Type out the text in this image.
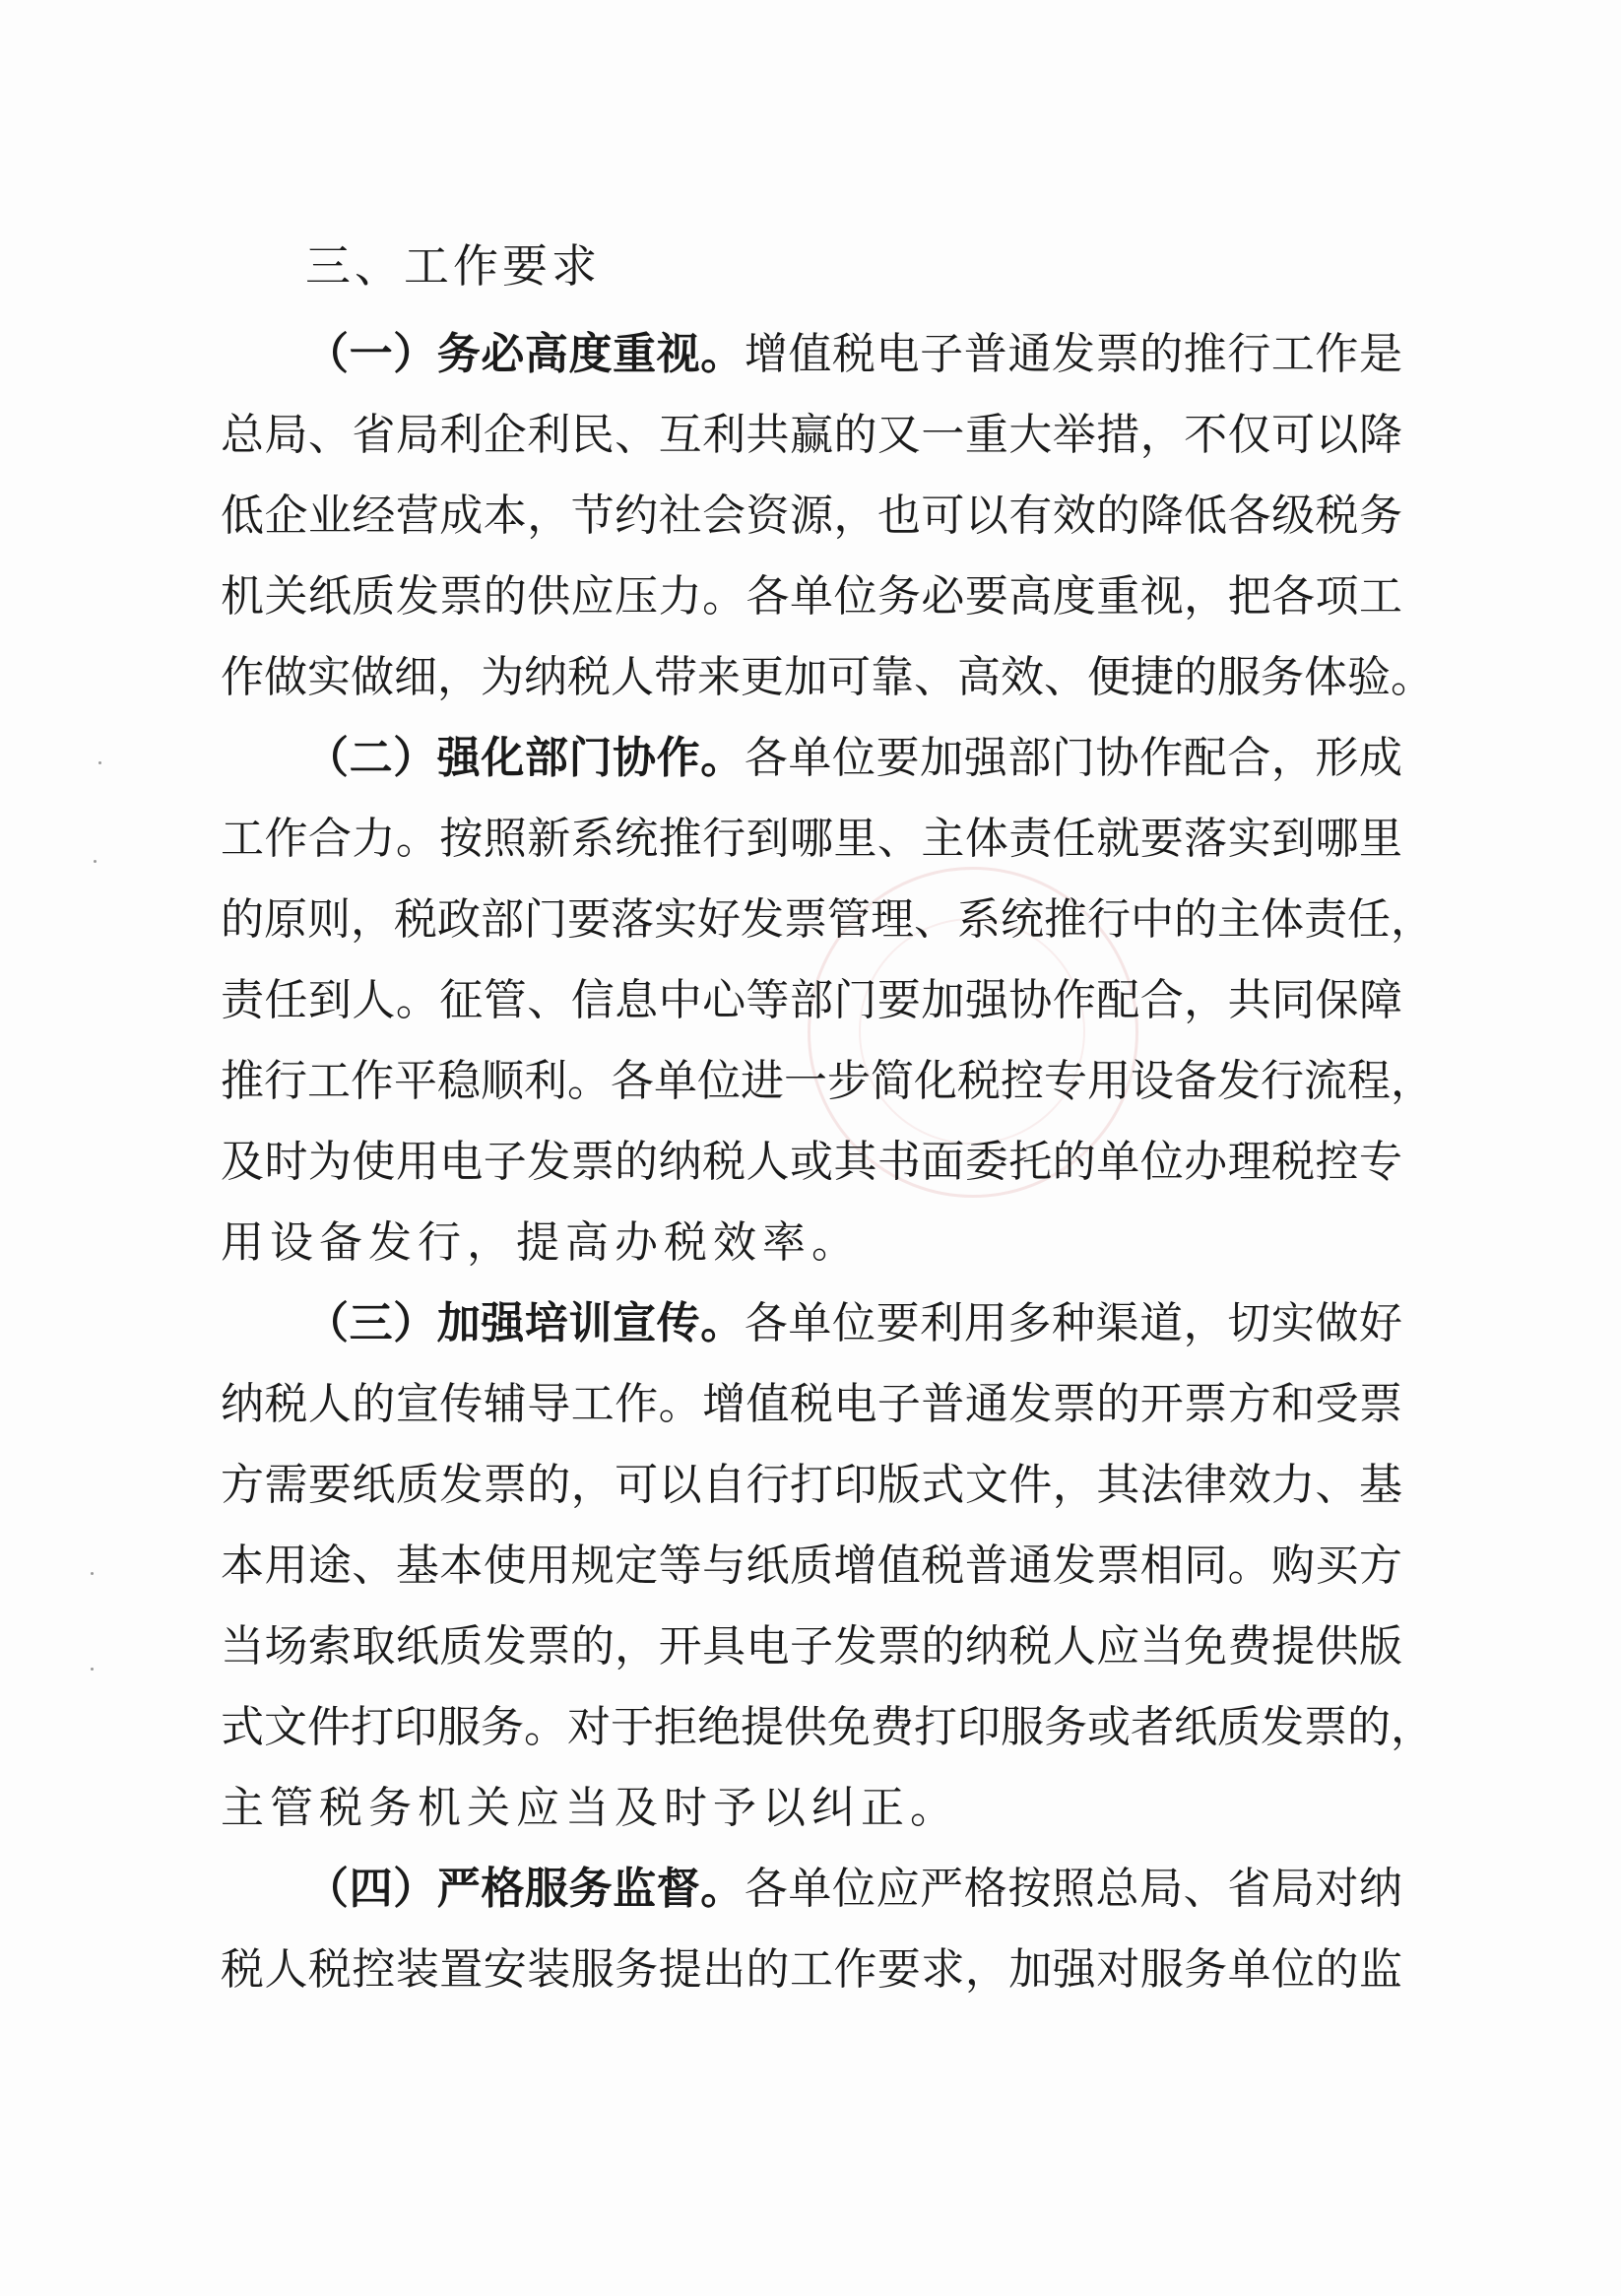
三、工作要求
（一）务必高度重视。增值税电子普通发票的推行工作是
总局、省局利企利民、互利共赢的又一重大举措，不仅可以降
低企业经营成本，节约社会资源，也可以有效的降低各级税务
机关纸质发票的供应压力。各单位务必要高度重视，把各项工
作做实做细，为纳税人带来更加可靠、高效、便捷的服务体验。
（二）强化部门协作。各单位要加强部门协作配合，形成
工作合力。按照新系统推行到哪里、主体责任就要落实到哪里
的原则，税政部门要落实好发票管理、系统推行中的主体责任，
责任到人。征管、信息中心等部门要加强协作配合，共同保障
推行工作平稳顺利。各单位进一步简化税控专用设备发行流程，
及时为使用电子发票的纳税人或其书面委托的单位办理税控专
用设备发行，提高办税效率。
（三）加强培训宣传。各单位要利用多种渠道，切实做好
纳税人的宣传辅导工作。增值税电子普通发票的开票方和受票
方需要纸质发票的，可以自行打印版式文件，其法律效力、基
本用途、基本使用规定等与纸质增值税普通发票相同。购买方
当场索取纸质发票的，开具电子发票的纳税人应当免费提供版
式文件打印服务。对于拒绝提供免费打印服务或者纸质发票的，
主管税务机关应当及时予以纠正。
（四）严格服务监督。各单位应严格按照总局、省局对纳
税人税控装置安装服务提出的工作要求，加强对服务单位的监
